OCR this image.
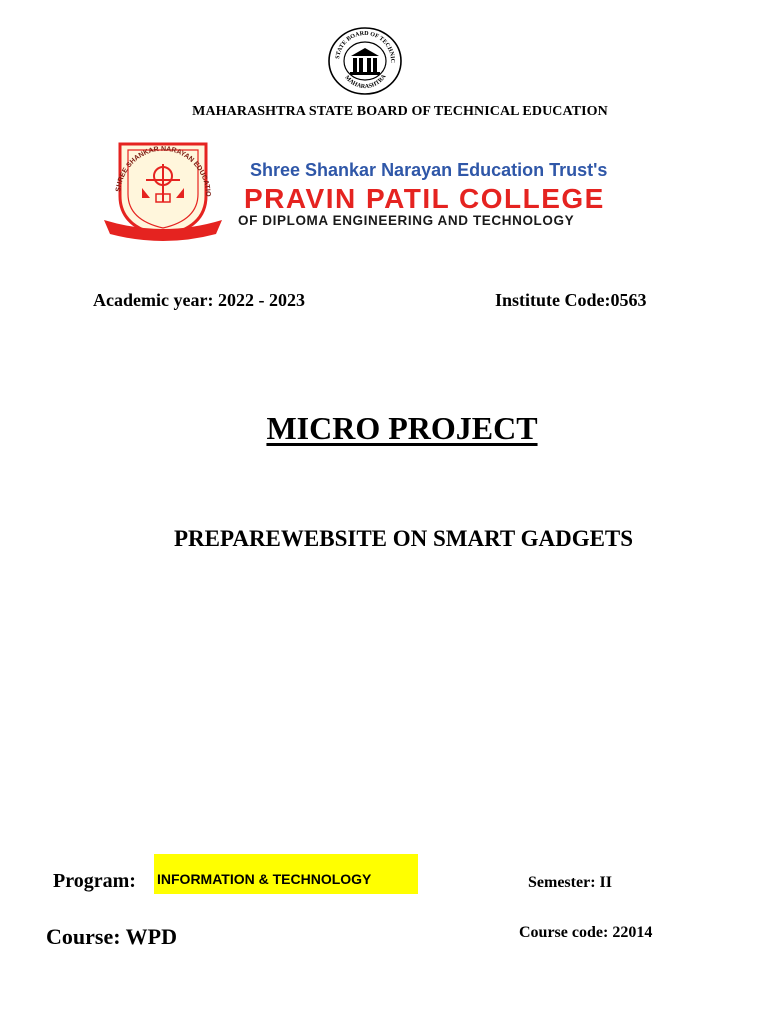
STATE BOARD OF TECHNIC
MAHARASHTRA
MAHARASHTRA STATE BOARD OF TECHNICAL EDUCATION
SHREE SHANKAR NARAYAN EDUCATIO
Shree Shankar Narayan Education Trust's
PRAVIN PATIL COLLEGE
OF DIPLOMA ENGINEERING AND TECHNOLOGY
Academic year: 2022 - 2023	Institute Code:0563
MICRO PROJECT
PREPAREWEBSITE ON SMART GADGETS
Program: INFORMATION & TECHNOLOGY	Semester: II
Course: WPD	Course code: 22014
